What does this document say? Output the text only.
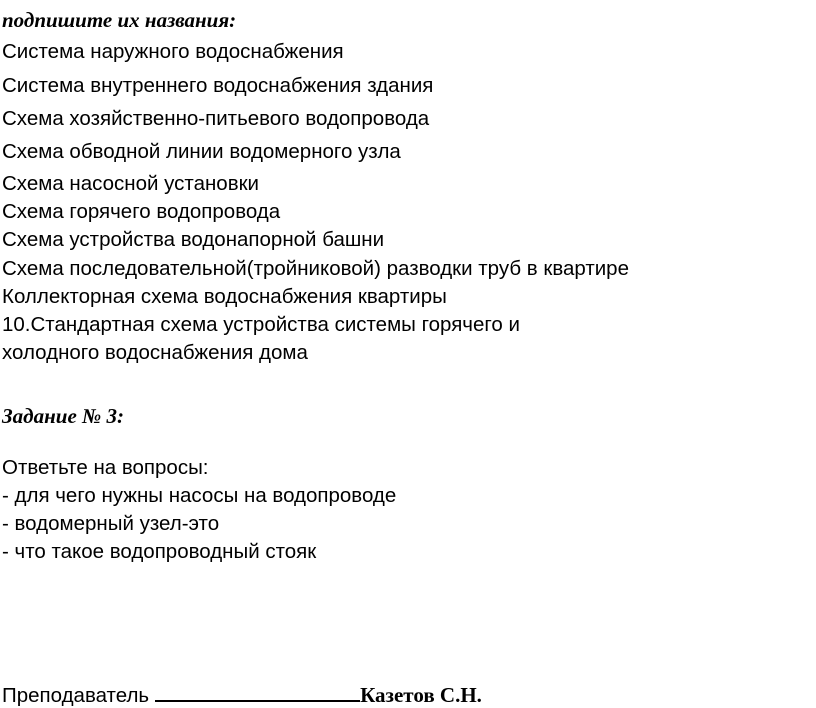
подпишите их названия:
Система наружного водоснабжения
Система внутреннего водоснабжения здания
Схема хозяйственно-питьевого водопровода
Схема обводной линии водомерного узла
Схема насосной установки
Схема горячего водопровода
Схема устройства водонапорной башни
Схема последовательной(тройниковой) разводки труб в квартире
Коллекторная схема водоснабжения квартиры
10.Стандартная схема устройства системы горячего и
холодного водоснабжения дома
Задание № 3:
Ответьте на вопросы:
- для чего нужны насосы на водопроводе
- водомерный узел-это
- что такое водопроводный стояк
Преподаватель	Казетов С.Н.
